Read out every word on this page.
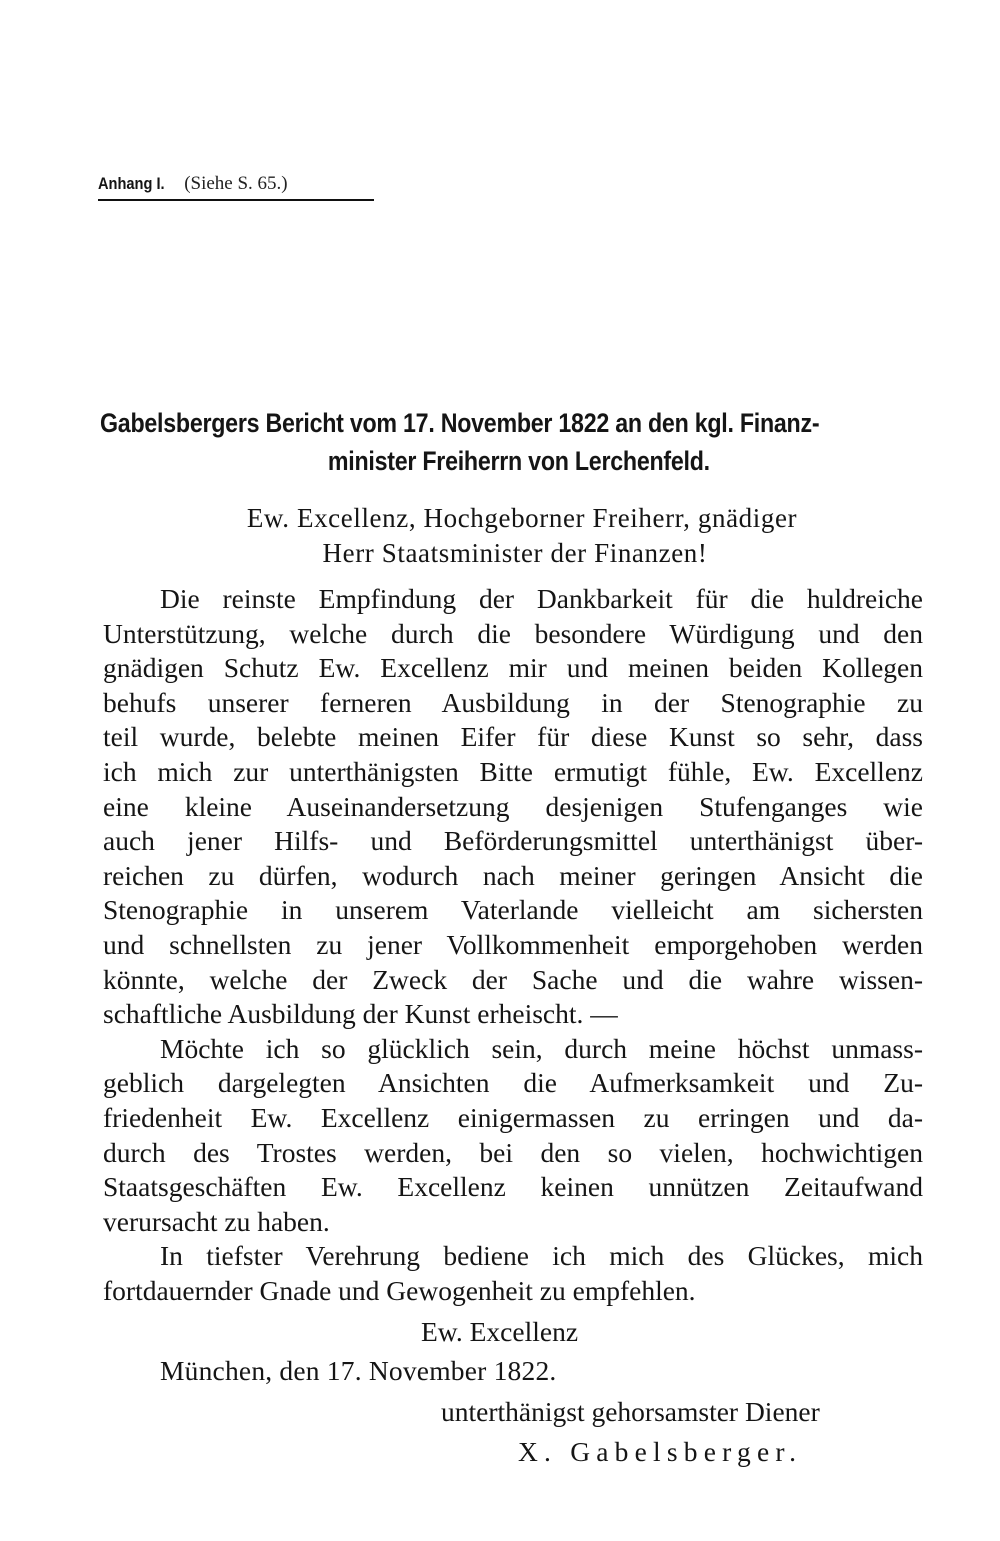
Anhang I. (Siehe S. 65.)
Gabelsbergers Bericht vom 17. November 1822 an den kgl. Finanz-
minister Freiherrn von Lerchenfeld.
Ew. Excellenz, Hochgeborner Freiherr, gnädiger
Herr Staatsminister der Finanzen!
Die reinste Empfindung der Dankbarkeit für die huldreiche
Unterstützung, welche durch die besondere Würdigung und den
gnädigen Schutz Ew. Excellenz mir und meinen beiden Kollegen
behufs unserer ferneren Ausbildung in der Stenographie zu
teil wurde, belebte meinen Eifer für diese Kunst so sehr, dass
ich mich zur unterthänigsten Bitte ermutigt fühle, Ew. Excellenz
eine kleine Auseinandersetzung desjenigen Stufenganges wie
auch jener Hilfs- und Beförderungsmittel unterthänigst über-
reichen zu dürfen, wodurch nach meiner geringen Ansicht die
Stenographie in unserem Vaterlande vielleicht am sichersten
und schnellsten zu jener Vollkommenheit emporgehoben werden
könnte, welche der Zweck der Sache und die wahre wissen-
schaftliche Ausbildung der Kunst erheischt. —
Möchte ich so glücklich sein, durch meine höchst unmass-
geblich dargelegten Ansichten die Aufmerksamkeit und Zu-
friedenheit Ew. Excellenz einigermassen zu erringen und da-
durch des Trostes werden, bei den so vielen, hochwichtigen
Staatsgeschäften Ew. Excellenz keinen unnützen Zeitaufwand
verursacht zu haben.
In tiefster Verehrung bediene ich mich des Glückes, mich
fortdauernder Gnade und Gewogenheit zu empfehlen.
Ew. Excellenz
München, den 17. November 1822.
unterthänigst gehorsamster Diener
X. Gabelsberger.
